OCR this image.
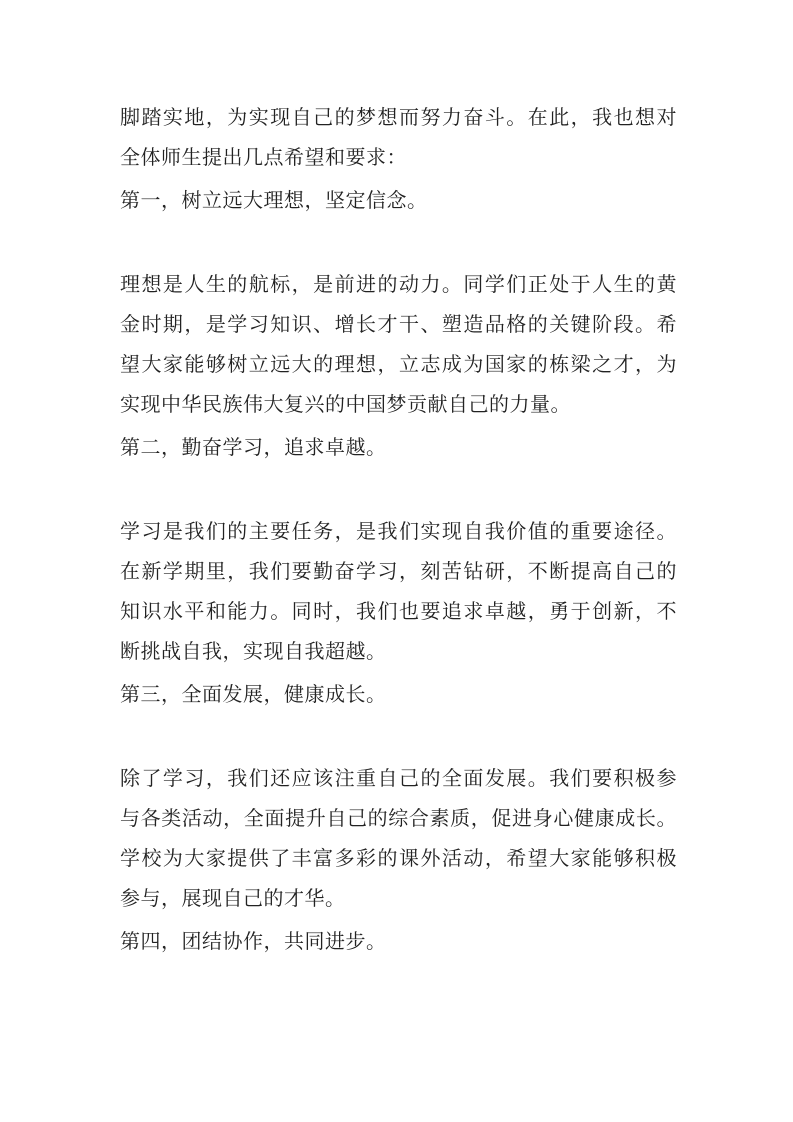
脚踏实地，为实现自己的梦想而努力奋斗。在此，我也想对
全体师生提出几点希望和要求：

第一，树立远大理想，坚定信念。

理想是人生的航标，是前进的动力。同学们正处于人生的黄
金时期，是学习知识、增长才干、塑造品格的关键阶段。希
望大家能够树立远大的理想，立志成为国家的栋梁之才，为
实现中华民族伟大复兴的中国梦贡献自己的力量。

第二，勤奋学习，追求卓越。

学习是我们的主要任务，是我们实现自我价值的重要途径。
在新学期里，我们要勤奋学习，刻苦钻研，不断提高自己的
知识水平和能力。同时，我们也要追求卓越，勇于创新，不
断挑战自我，实现自我超越。

第三，全面发展，健康成长。

除了学习，我们还应该注重自己的全面发展。我们要积极参
与各类活动，全面提升自己的综合素质，促进身心健康成长。
学校为大家提供了丰富多彩的课外活动，希望大家能够积极
参与，展现自己的才华。

第四，团结协作，共同进步。
